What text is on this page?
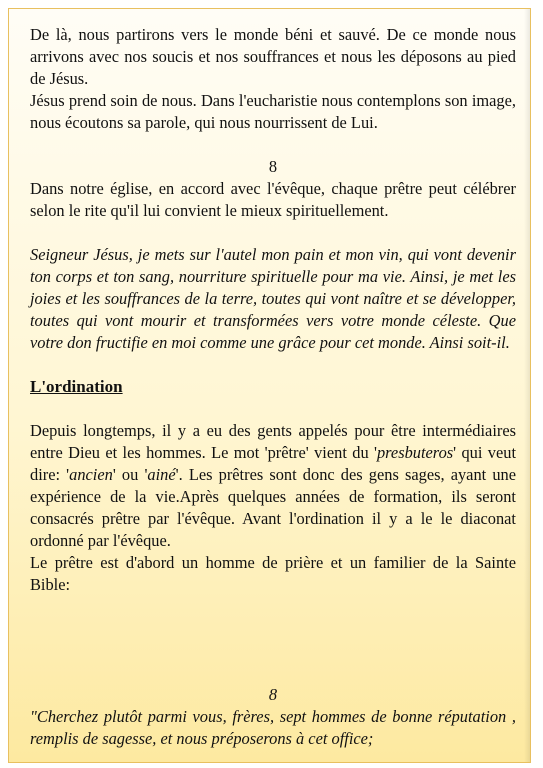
De là, nous partirons vers le monde béni et sauvé. De ce monde nous arrivons avec nos soucis et nos souffrances et nous les déposons au pied de Jésus.

Jésus prend soin de nous. Dans l'eucharistie nous contemplons son image, nous écoutons sa parole, qui nous nourrissent de Lui.

8

Dans notre église, en accord avec l'évêque, chaque prêtre peut célébrer selon le rite qu'il lui convient le mieux spirituellement.

Seigneur Jésus, je mets sur l'autel mon pain et mon vin, qui vont devenir ton corps et ton sang, nourriture spirituelle pour ma vie. Ainsi, je met les joies et les souffrances de la terre, toutes qui vont naître et se développer, toutes qui vont mourir et transformées vers votre monde céleste. Que votre don fructifie en moi comme une grâce pour cet monde. Ainsi soit-il.

L'ordination

Depuis longtemps, il y a eu des gents appelés pour être intermédiaires entre Dieu et les hommes. Le mot 'prêtre' vient du 'presbuteros' qui veut dire: 'ancien' ou 'ainé'. Les prêtres sont donc des gens sages, ayant une expérience de la vie.Après quelques années de formation, ils seront consacrés prêtre par l'évêque. Avant l'ordination il y a le le diaconat ordonné par l'évêque.

Le prêtre est d'abord un homme de prière et un familier de la Sainte Bible:

8

"Cherchez plutôt parmi vous, frères, sept hommes de bonne réputation , remplis de sagesse, et nous préposerons à cet office;
